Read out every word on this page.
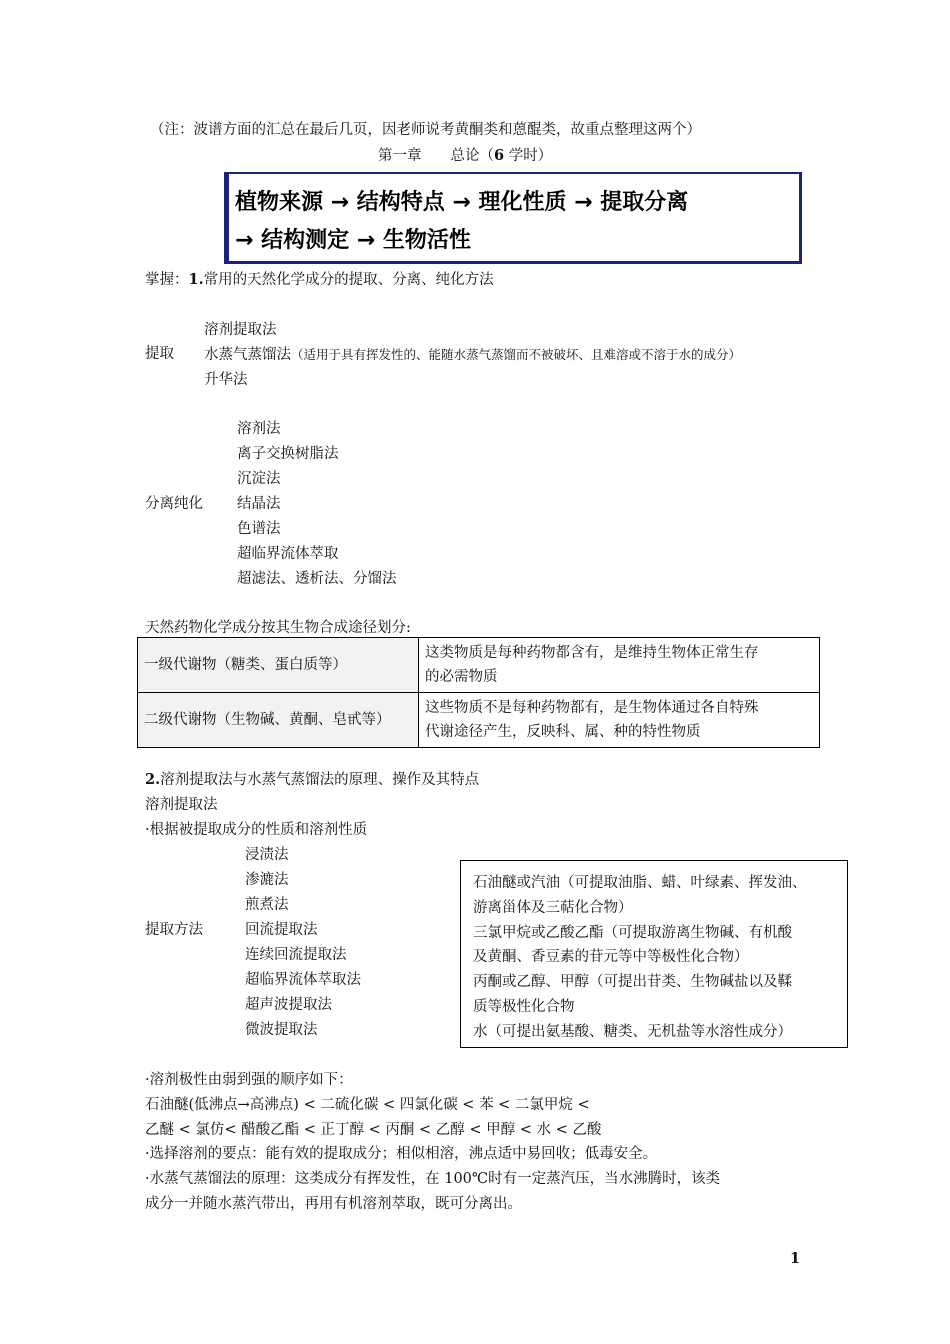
（注：波谱方面的汇总在最后几页，因老师说考黄酮类和蒽醌类，故重点整理这两个）
第一章　　总论（6 学时）
植物来源 → 结构特点 → 理化性质 → 提取分离
→ 结构测定 → 生物活性
掌握：1.常用的天然化学成分的提取、分离、纯化方法
提取
溶剂提取法
水蒸气蒸馏法（适用于具有挥发性的、能随水蒸气蒸馏而不被破坏、且难溶或不溶于水的成分）
升华法
分离纯化
溶剂法
离子交换树脂法
沉淀法
结晶法
色谱法
超临界流体萃取
超滤法、透析法、分馏法
天然药物化学成分按其生物合成途径划分:
一级代谢物（糖类、蛋白质等）	这类物质是每种药物都含有，是维持生物体正常生存
的必需物质

二级代谢物（生物碱、黄酮、皂甙等）	这些物质不是每种药物都有，是生物体通过各自特殊
代谢途径产生，反映科、属、种的特性物质
2.溶剂提取法与水蒸气蒸馏法的原理、操作及其特点
溶剂提取法
·根据被提取成分的性质和溶剂性质
提取方法
浸渍法
渗漉法
煎煮法
回流提取法
连续回流提取法
超临界流体萃取法
超声波提取法
微波提取法
石油醚或汽油（可提取油脂、蜡、叶绿素、挥发油、
游离甾体及三萜化合物）
三氯甲烷或乙酸乙酯（可提取游离生物碱、有机酸
及黄酮、香豆素的苷元等中等极性化合物）
丙酮或乙醇、甲醇（可提出苷类、生物碱盐以及鞣
质等极性化合物
水（可提出氨基酸、糖类、无机盐等水溶性成分）
·溶剂极性由弱到强的顺序如下：
石油醚(低沸点→高沸点) < 二硫化碳 < 四氯化碳 < 苯 < 二氯甲烷 <
乙醚 < 氯仿< 醋酸乙酯 < 正丁醇 < 丙酮 < 乙醇 < 甲醇 < 水 < 乙酸
·选择溶剂的要点：能有效的提取成分；相似相溶，沸点适中易回收；低毒安全。
·水蒸气蒸馏法的原理：这类成分有挥发性，在 100℃时有一定蒸汽压，当水沸腾时，该类
成分一并随水蒸汽带出，再用有机溶剂萃取，既可分离出。
1
